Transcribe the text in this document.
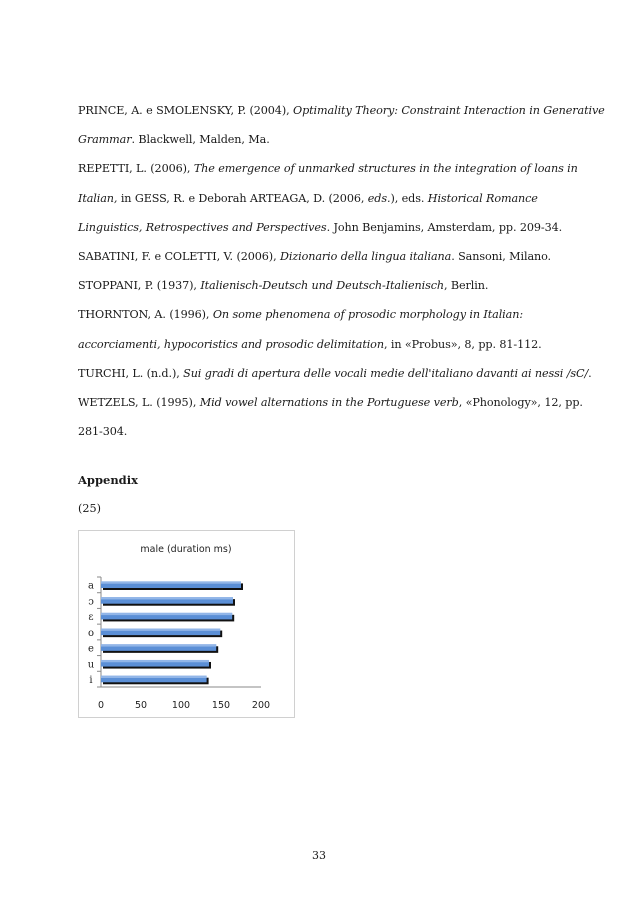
PRINCE, A. e SMOLENSKY, P. (2004), Optimality Theory: Constraint Interaction in Generative
Grammar. Blackwell, Malden, Ma.
REPETTI, L. (2006), The emergence of unmarked structures in the integration of loans in
Italian, in GESS, R. e Deborah ARTEAGA, D. (2006, eds.), eds. Historical Romance
Linguistics, Retrospectives and Perspectives. John Benjamins, Amsterdam, pp. 209-34.
SABATINI, F. e COLETTI, V. (2006), Dizionario della lingua italiana. Sansoni, Milano.
STOPPANI, P. (1937), Italienisch-Deutsch und Deutsch-Italienisch, Berlin.
THORNTON, A. (1996), On some phenomena of prosodic morphology in Italian:
accorciamenti, hypocoristics and prosodic delimitation, in «Probus», 8, pp. 81-112.
TURCHI, L. (n.d.), Sui gradi di apertura delle vocali medie dell'italiano davanti ai nessi /sC/.
WETZELS, L. (1995), Mid vowel alternations in the Portuguese verb, «Phonology», 12, pp.
281-304.
Appendix
(25)
male (duration ms)
a
ɔ
ɛ
o
e
u
i
0	50	100 150 200
33
